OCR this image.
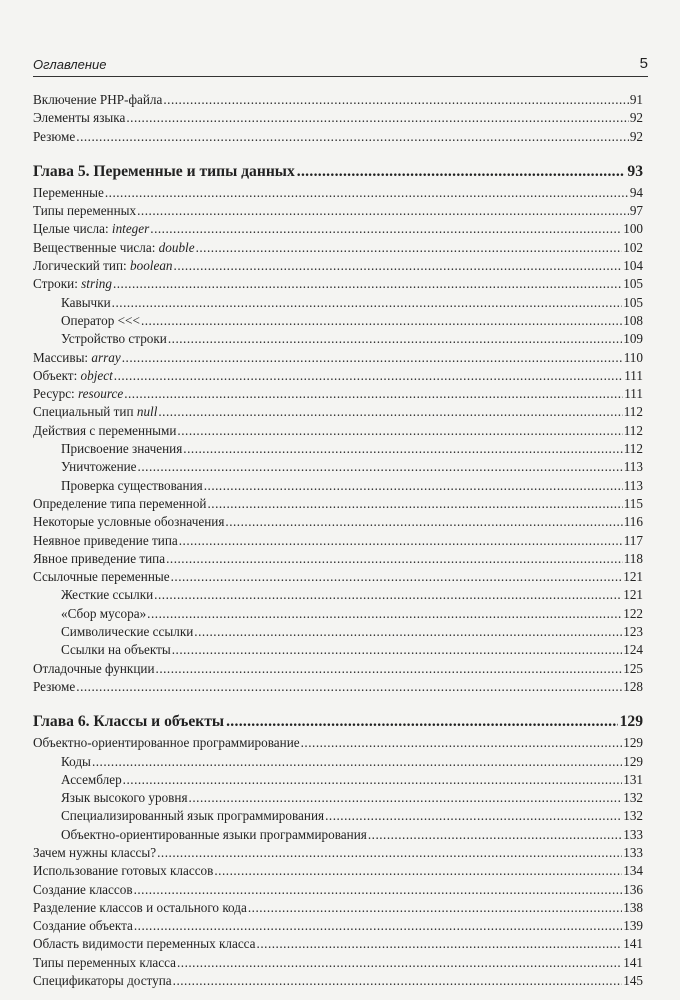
Оглавление	5
Включение PHP-файла .....	91
Элементы языка .....	92
Резюме .....	92
Глава 5. Переменные и типы данных .....	93
Переменные .....	94
Типы переменных .....	97
Целые числа: integer .....	100
Вещественные числа: double .....	102
Логический тип: boolean .....	104
Строки: string .....	105
Кавычки .....	105
Оператор <<< .....	108
Устройство строки .....	109
Массивы: array .....	110
Объект: object .....	111
Ресурс: resource .....	111
Специальный тип null .....	112
Действия с переменными .....	112
Присвоение значения .....	112
Уничтожение .....	113
Проверка существования .....	113
Определение типа переменной .....	115
Некоторые условные обозначения .....	116
Неявное приведение типа .....	117
Явное приведение типа .....	118
Ссылочные переменные .....	121
Жесткие ссылки .....	121
«Сбор мусора» .....	122
Символические ссылки .....	123
Ссылки на объекты .....	124
Отладочные функции .....	125
Резюме .....	128
Глава 6. Классы и объекты .....	129
Объектно-ориентированное программирование .....	129
Коды .....	129
Ассемблер .....	131
Язык высокого уровня .....	132
Специализированный язык программирования .....	132
Объектно-ориентированные языки программирования .....	133
Зачем нужны классы? .....	133
Использование готовых классов .....	134
Создание классов .....	136
Разделение классов и остального кода .....	138
Создание объекта .....	139
Область видимости переменных класса .....	141
Типы переменных класса .....	141
Спецификаторы доступа .....	145
